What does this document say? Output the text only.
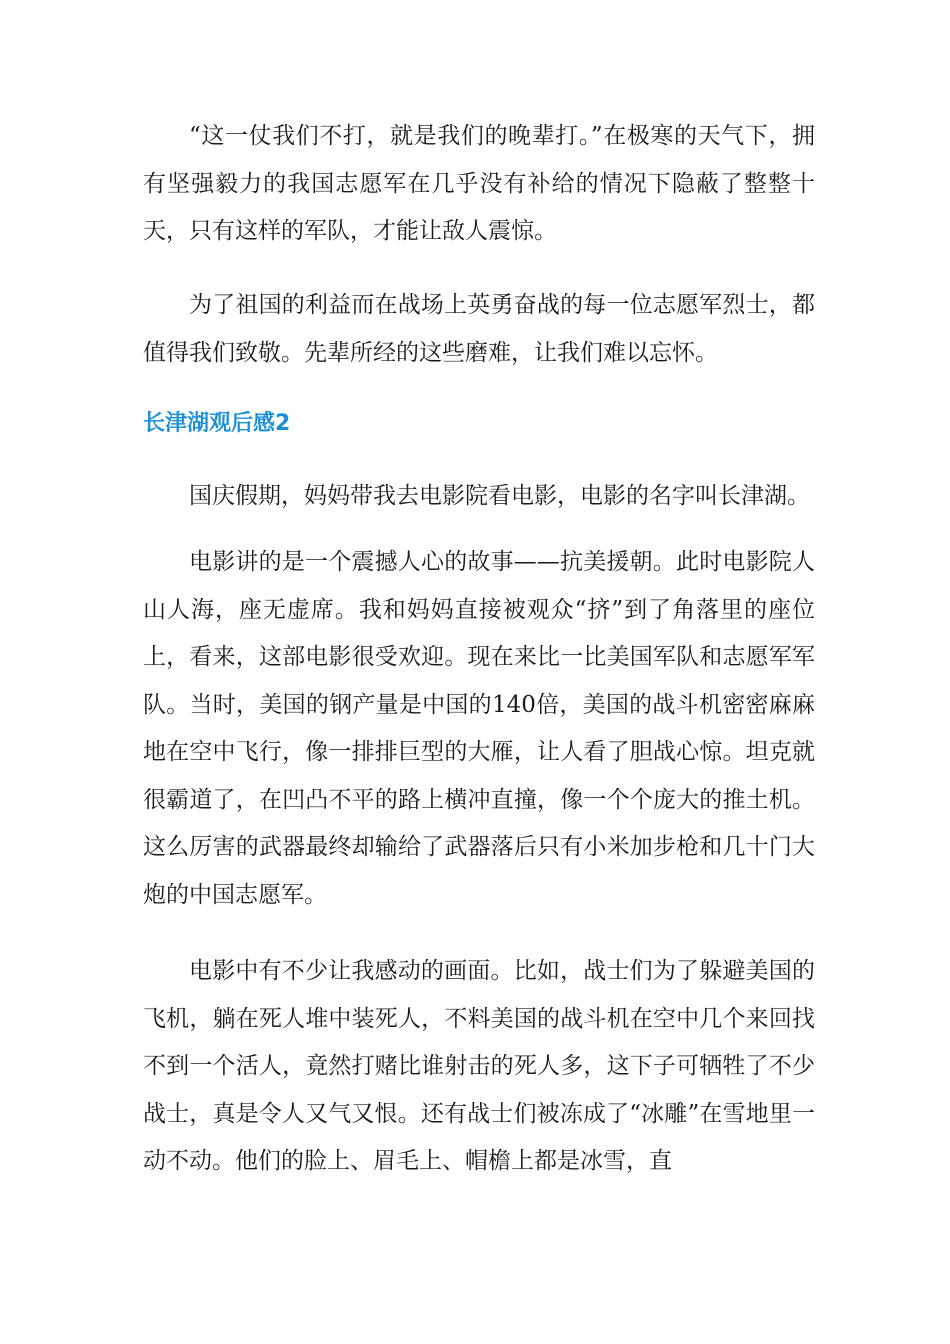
“这一仗我们不打，就是我们的晚辈打。”在极寒的天气下，拥有坚强毅力的我国志愿军在几乎没有补给的情况下隐蔽了整整十天，只有这样的军队，才能让敌人震惊。

为了祖国的利益而在战场上英勇奋战的每一位志愿军烈士，都值得我们致敬。先辈所经的这些磨难，让我们难以忘怀。

长津湖观后感2

国庆假期，妈妈带我去电影院看电影，电影的名字叫长津湖。

电影讲的是一个震撼人心的故事——抗美援朝。此时电影院人山人海，座无虚席。我和妈妈直接被观众“挤”到了角落里的座位上，看来，这部电影很受欢迎。现在来比一比美国军队和志愿军军队。当时，美国的钢产量是中国的140倍，美国的战斗机密密麻麻地在空中飞行，像一排排巨型的大雁，让人看了胆战心惊。坦克就很霸道了，在凹凸不平的路上横冲直撞，像一个个庞大的推土机。这么厉害的武器最终却输给了武器落后只有小米加步枪和几十门大炮的中国志愿军。

电影中有不少让我感动的画面。比如，战士们为了躲避美国的飞机，躺在死人堆中装死人，不料美国的战斗机在空中几个来回找不到一个活人，竟然打赌比谁射击的死人多，这下子可牺牲了不少战士，真是令人又气又恨。还有战士们被冻成了“冰雕”在雪地里一动不动。他们的脸上、眉毛上、帽檐上都是冰雪，直
